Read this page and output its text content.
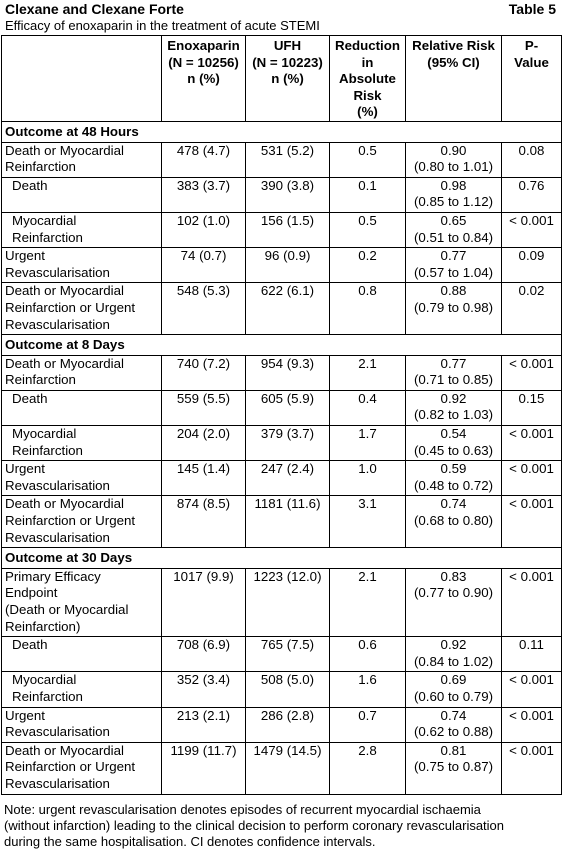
Clexane and Clexane Forte	Table 5
Efficacy of enoxaparin in the treatment of acute STEMI

	Enoxaparin
(N = 10256)
n (%)	UFH
(N = 10223)
n (%)	Reduction
in
Absolute
Risk
(%)	Relative Risk
(95% CI)	P-
Value

Outcome at 48 Hours					

Death or Myocardial
Reinfarction	478 (4.7)	531 (5.2)	0.5	0.90
(0.80 to 1.01)	0.08

Death	383 (3.7)	390 (3.8)	0.1	0.98
(0.85 to 1.12)	0.76

Myocardial
Reinfarction	102 (1.0)	156 (1.5)	0.5	0.65
(0.51 to 0.84)	< 0.001

Urgent
Revascularisation	74 (0.7)	96 (0.9)	0.2	0.77
(0.57 to 1.04)	0.09

Death or Myocardial
Reinfarction or Urgent
Revascularisation	548 (5.3)	622 (6.1)	0.8	0.88
(0.79 to 0.98)	0.02
Outcome at 8 Days					

Death or Myocardial
Reinfarction	740 (7.2)	954 (9.3)	2.1	0.77
(0.71 to 0.85)	< 0.001

Death	559 (5.5)	605 (5.9)	0.4	0.92
(0.82 to 1.03)	0.15

Myocardial
Reinfarction	204 (2.0)	379 (3.7)	1.7	0.54
(0.45 to 0.63)	< 0.001

Urgent
Revascularisation	145 (1.4)	247 (2.4)	1.0	0.59
(0.48 to 0.72)	< 0.001

Death or Myocardial
Reinfarction or Urgent
Revascularisation	874 (8.5)	1181 (11.6)	3.1	0.74
(0.68 to 0.80)	< 0.001
Outcome at 30 Days					

Primary Efficacy
Endpoint
(Death or Myocardial
Reinfarction)	1017 (9.9)	1223 (12.0)	2.1	0.83
(0.77 to 0.90)	< 0.001

Death	708 (6.9)	765 (7.5)	0.6	0.92
(0.84 to 1.02)	0.11

Myocardial
Reinfarction	352 (3.4)	508 (5.0)	1.6	0.69
(0.60 to 0.79)	< 0.001

Urgent
Revascularisation	213 (2.1)	286 (2.8)	0.7	0.74
(0.62 to 0.88)	< 0.001

Death or Myocardial
Reinfarction or Urgent
Revascularisation	1199 (11.7)	1479 (14.5)	2.8	0.81
(0.75 to 0.87)	< 0.001
Note: urgent revascularisation denotes episodes of recurrent myocardial ischaemia
(without infarction) leading to the clinical decision to perform coronary revascularisation
during the same hospitalisation. CI denotes confidence intervals.
